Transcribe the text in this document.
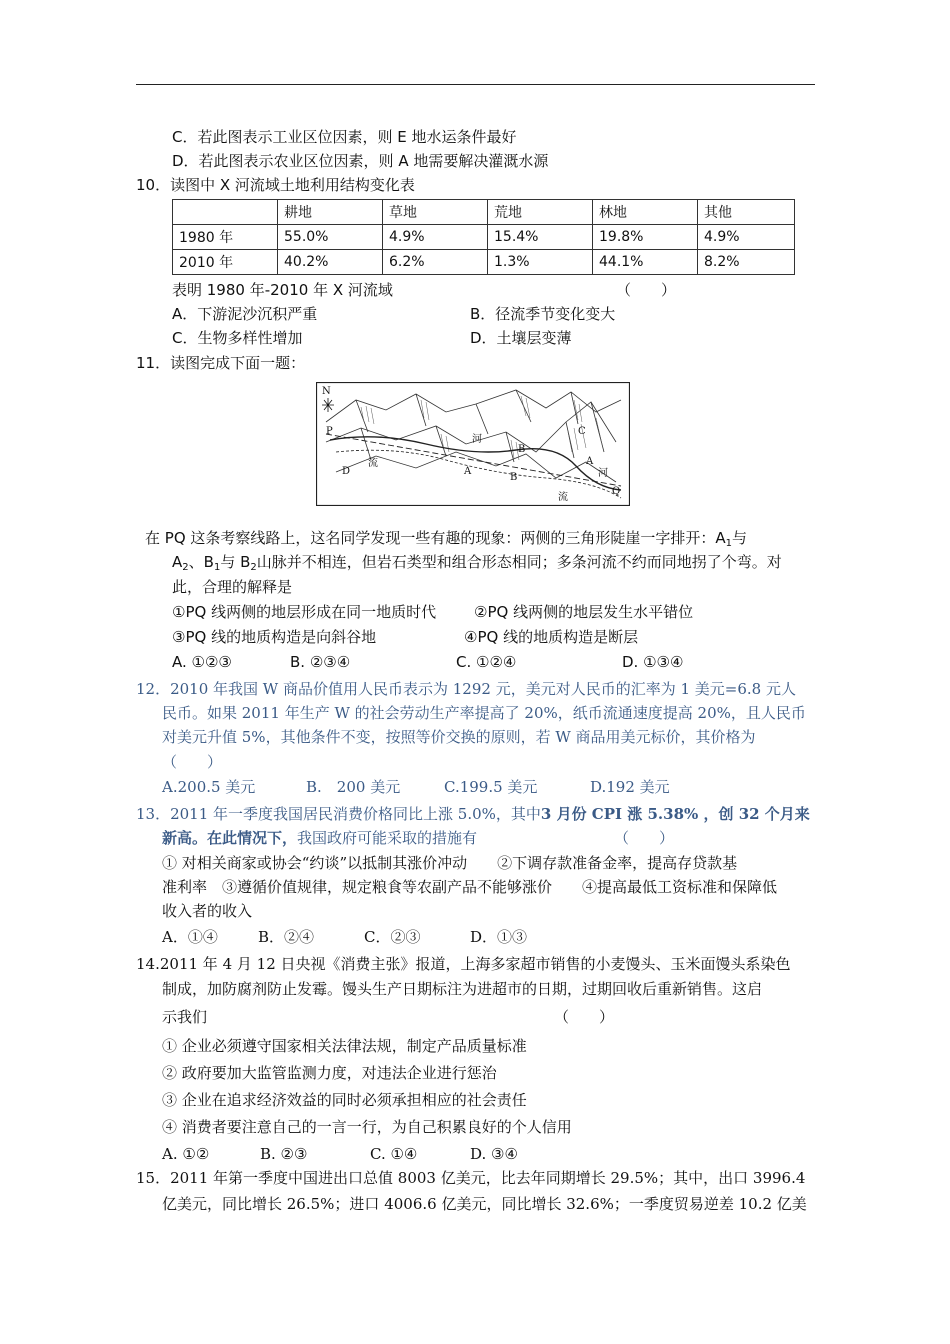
C．若此图表示工业区位因素，则 E 地水运条件最好
D．若此图表示农业区位因素，则 A 地需要解决灌溉水源
10．读图中 X 河流域土地利用结构变化表
	耕地	草地	荒地	林地	其他
1980 年	55.0%	4.9%	15.4%	19.8%	4.9%
2010 年	40.2%	6.2%	1.3%	44.1%	8.2%
表明 1980 年-2010 年 X 河流域	（　　）
A．下游泥沙沉积严重	B．径流季节变化变大
C．生物多样性增加	D．土壤层变薄
11．读图完成下面一题：
N
P
Q
C
D
A
A
B
B
河
流
河
流
在 PQ 这条考察线路上，这名同学发现一些有趣的现象：两侧的三角形陡崖一字排开：$A_1$与
$A_2$、$B_1$与 $B_2$山脉并不相连，但岩石类型和组合形态相同；多条河流不约而同地拐了个弯。对
此，合理的解释是
①PQ 线两侧的地层形成在同一地质时代	②PQ 线两侧的地层发生水平错位
③PQ 线的地质构造是向斜谷地	④PQ 线的地质构造是断层
A. ①②③	B. ②③④	C. ①②④	D. ①③④
12．2010 年我国 W 商品价值用人民币表示为 1292 元，美元对人民币的汇率为 1 美元=6.8 元人
民币。如果 2011 年生产 W 的社会劳动生产率提高了 20%，纸币流通速度提高 20%，且人民币
对美元升值 5%，其他条件不变，按照等价交换的原则，若 W 商品用美元标价，其价格为
（　　）
A.200.5 美元	B.　200 美元	C.199.5 美元	D.192 美元
13．2011 年一季度我国居民消费价格同比上涨 5.0%，其中3 月份 CPI 涨 5.38% ，创 32 个月来
新高。在此情况下，我国政府可能采取的措施有	（　　）
① 对相关商家或协会“约谈”以抵制其涨价冲动　　②下调存款准备金率，提高存贷款基
准利率　③遵循价值规律，规定粮食等农副产品不能够涨价　　④提高最低工资标准和保障低
收入者的收入
A．①④	B．②④	C．②③	D．①③
14.2011 年 4 月 12 日央视《消费主张》报道，上海多家超市销售的小麦馒头、玉米面馒头系染色
制成，加防腐剂防止发霉。馒头生产日期标注为进超市的日期，过期回收后重新销售。这启
示我们	（　　）
① 企业必须遵守国家相关法律法规，制定产品质量标准
② 政府要加大监管监测力度，对违法企业进行惩治
③ 企业在追求经济效益的同时必须承担相应的社会责任
④ 消费者要注意自己的一言一行，为自己积累良好的个人信用
A. ①②	B. ②③	C. ①④	D. ③④
15．2011 年第一季度中国进出口总值 8003 亿美元，比去年同期增长 29.5%；其中，出口 3996.4
亿美元，同比增长 26.5%；进口 4006.6 亿美元，同比增长 32.6%；一季度贸易逆差 10.2 亿美
